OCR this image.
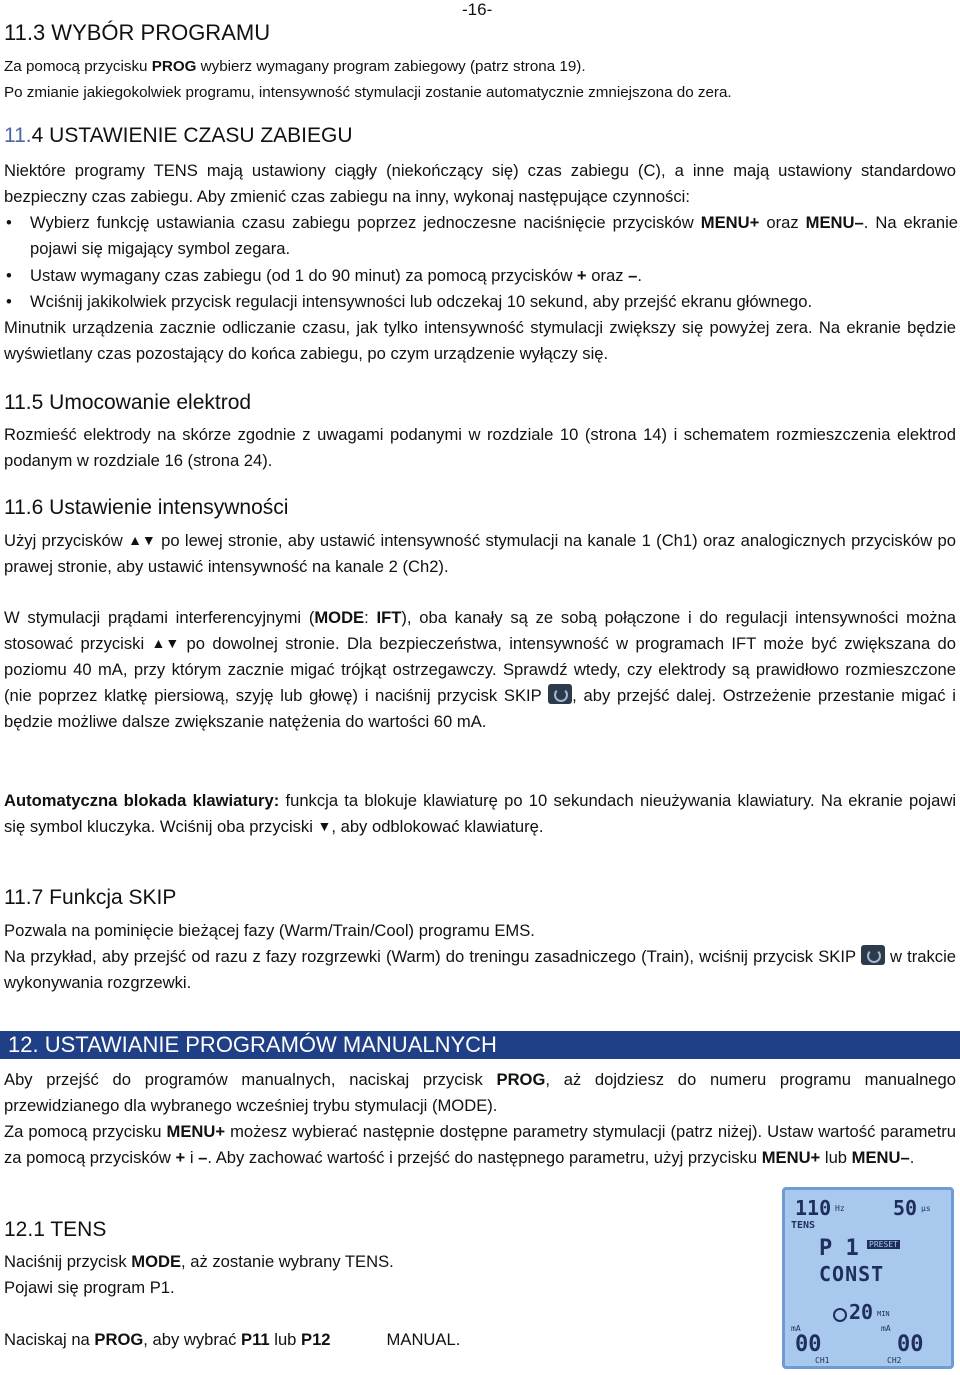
-16-
11.3 WYBÓR PROGRAMU

Za pomocą przycisku PROG wybierz wymagany program zabiegowy (patrz strona 19).

Po zmianie jakiegokolwiek programu, intensywność stymulacji zostanie automatycznie zmniejszona do zera.

11.4 USTAWIENIE CZASU ZABIEGU

Niektóre programy TENS mają ustawiony ciągły (niekończący się) czas zabiegu (C), a inne mają ustawiony standardowo bezpieczny czas zabiegu. Aby zmienić czas zabiegu na inny, wykonaj następujące czynności:

•	Wybierz funkcję ustawiania czasu zabiegu poprzez jednoczesne naciśnięcie przycisków MENU+ oraz MENU–. Na ekranie pojawi się migający symbol zegara.
•	Ustaw wymagany czas zabiegu (od 1 do 90 minut) za pomocą przycisków + oraz –.
•	Wciśnij jakikolwiek przycisk regulacji intensywności lub odczekaj 10 sekund, aby przejść ekranu głównego.

Minutnik urządzenia zacznie odliczanie czasu, jak tylko intensywność stymulacji zwiększy się powyżej zera. Na ekranie będzie wyświetlany czas pozostający do końca zabiegu, po czym urządzenie wyłączy się.

11.5 Umocowanie elektrod

Rozmieść elektrody na skórze zgodnie z uwagami podanymi w rozdziale 10 (strona 14) i schematem rozmieszczenia elektrod podanym w rozdziale 16 (strona 24).

11.6 Ustawienie intensywności

Użyj przycisków ▲▼ po lewej stronie, aby ustawić intensywność stymulacji na kanale 1 (Ch1) oraz analogicznych przycisków po prawej stronie, aby ustawić intensywność na kanale 2 (Ch2).

W stymulacji prądami interferencyjnymi (MODE: IFT), oba kanały są ze sobą połączone i do regulacji intensywności można stosować przyciski ▲▼ po dowolnej stronie. Dla bezpieczeństwa, intensywność w programach IFT może być zwiększana do poziomu 40 mA, przy którym zacznie migać trójkąt ostrzegawczy. Sprawdź wtedy, czy elektrody są prawidłowo rozmieszczone (nie poprzez klatkę piersiową, szyję lub głowę) i naciśnij przycisk SKIP , aby przejść dalej. Ostrzeżenie przestanie migać i będzie możliwe dalsze zwiększanie natężenia do wartości 60 mA.

Automatyczna blokada klawiatury: funkcja ta blokuje klawiaturę po 10 sekundach nieużywania klawiatury. Na ekranie pojawi się symbol kluczyka. Wciśnij oba przyciski ▼, aby odblokować klawiaturę.

11.7 Funkcja SKIP

Pozwala na pominięcie bieżącej fazy (Warm/Train/Cool) programu EMS.

Na przykład, aby przejść od razu z fazy rozgrzewki (Warm) do treningu zasadniczego (Train), wciśnij przycisk SKIP  w trakcie wykonywania rozgrzewki.

12. USTAWIANIE PROGRAMÓW MANUALNYCH

Aby przejść do programów manualnych, naciskaj przycisk PROG, aż dojdziesz do numeru programu manualnego przewidzianego dla wybranego wcześniej trybu stymulacji (MODE).

Za pomocą przycisku MENU+ możesz wybierać następnie dostępne parametry stymulacji (patrz niżej). Ustaw wartość parametru za pomocą przycisków + i –. Aby zachować wartość i przejść do następnego parametru, użyj przycisku MENU+ lub MENU–.

12.1 TENS

Naciśnij przycisk MODE, aż zostanie wybrany TENS.

Pojawi się program P1.

Naciskaj na PROG, aby wybrać P11 lub P12	MANUAL.

110 Hz 50 µs
TENS
P 1 PRESET
CONST
20 MIN
mA
00
mA
00
CH1	CH2
